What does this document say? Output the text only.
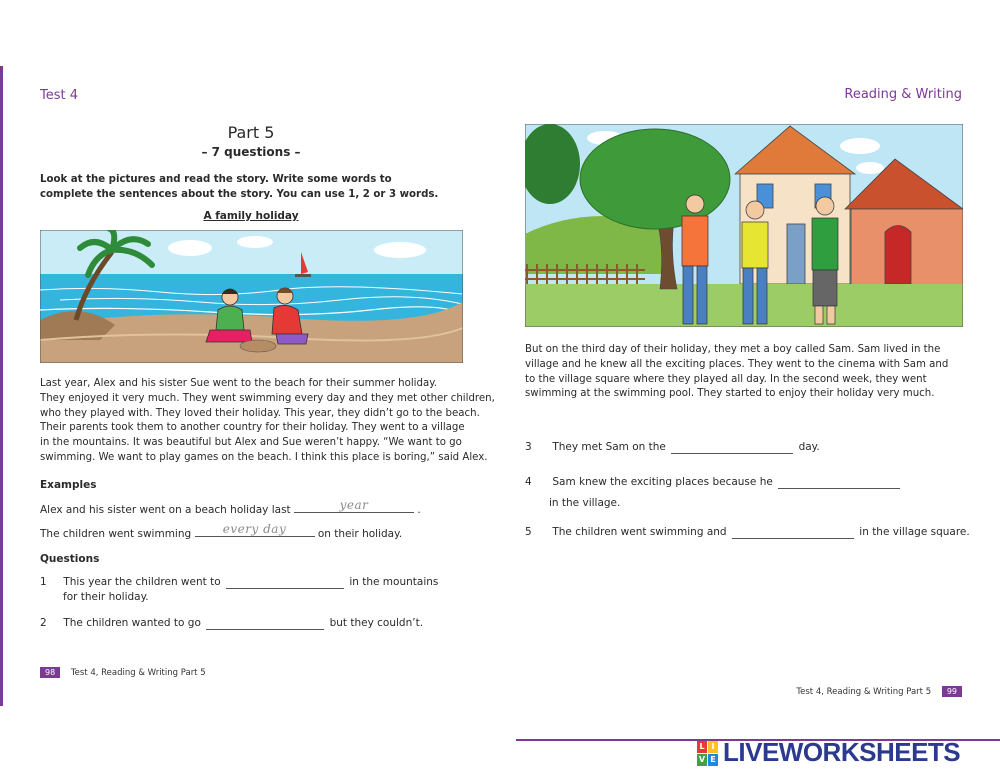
Test 4	Reading & Writing
Part 5
– 7 questions –
Look at the pictures and read the story. Write some words to
complete the sentences about the story. You can use 1, 2 or 3 words.
A family holiday
Last year, Alex and his sister Sue went to the beach for their summer holiday.
They enjoyed it very much. They went swimming every day and they met other children,
who they played with. They loved their holiday. This year, they didn’t go to the beach.
Their parents took them to another country for their holiday. They went to a village
in the mountains. It was beautiful but Alex and Sue weren’t happy. “We want to go
swimming. We want to play games on the beach. I think this place is boring,” said Alex.
Examples
Alex and his sister went on a beach holiday last	year	.
The children went swimming	every day	on their holiday.
Questions
1 This year the children went to	in the mountains
for their holiday.
2 The children wanted to go	but they couldn’t.
But on the third day of their holiday, they met a boy called Sam. Sam lived in the
village and he knew all the exciting places. They went to the cinema with Sam and
to the village square where they played all day. In the second week, they went
swimming at the swimming pool. They started to enjoy their holiday very much.
3 They met Sam on the	day.
4 Sam knew the exciting places because he
in the village.
5 The children went swimming and	in the village square.
98 Test 4, Reading & Writing Part 5
Test 4, Reading & Writing Part 5 99
L I
V E LIVEWORKSHEETS
